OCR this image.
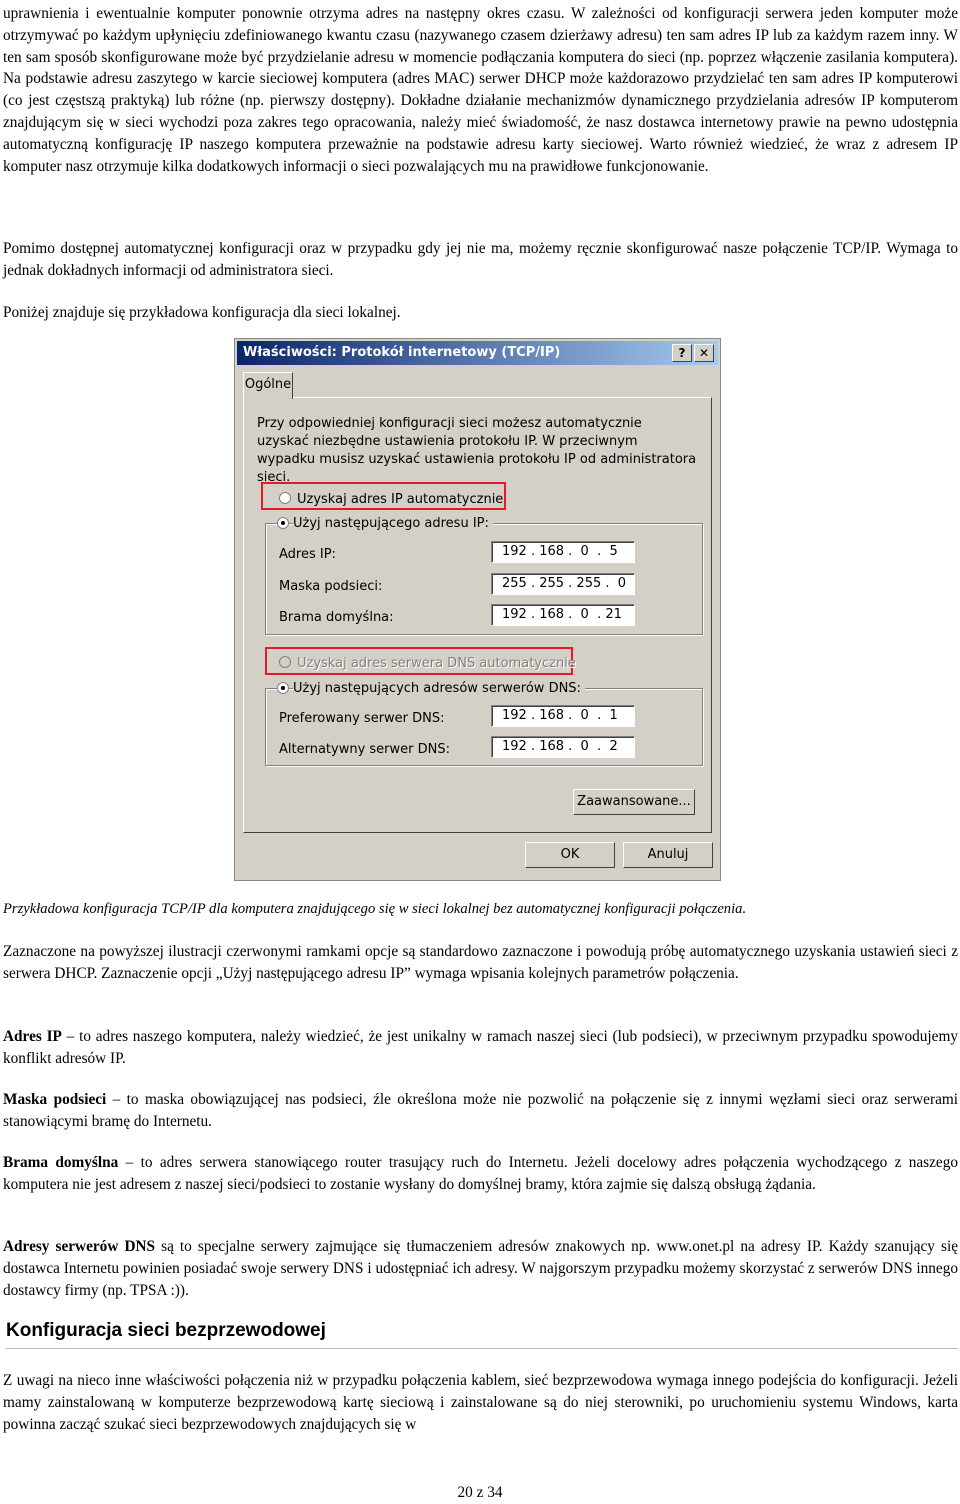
uprawnienia i ewentualnie komputer ponownie otrzyma adres na następny okres czasu. W zależności od konfiguracji serwera jeden komputer może otrzymywać po każdym upłynięciu zdefiniowanego kwantu czasu (nazywanego czasem dzierżawy adresu) ten sam adres IP lub za każdym razem inny. W ten sam sposób skonfigurowane może być przydzielanie adresu w momencie podłączania komputera do sieci (np. poprzez włączenie zasilania komputera). Na podstawie adresu zaszytego w karcie sieciowej komputera (adres MAC) serwer DHCP może każdorazowo przydzielać ten sam adres IP komputerowi (co jest częstszą praktyką) lub różne (np. pierwszy dostępny). Dokładne działanie mechanizmów dynamicznego przydzielania adresów IP komputerom znajdującym się w sieci wychodzi poza zakres tego opracowania, należy mieć świadomość, że nasz dostawca internetowy prawie na pewno udostępnia automatyczną konfigurację IP naszego komputera przeważnie na podstawie adresu karty sieciowej. Warto również wiedzieć, że wraz z adresem IP komputer nasz otrzymuje kilka dodatkowych informacji o sieci pozwalających mu na prawidłowe funkcjonowanie.

Pomimo dostępnej automatycznej konfiguracji oraz w przypadku gdy jej nie ma, możemy ręcznie skonfigurować nasze połączenie TCP/IP. Wymaga to jednak dokładnych informacji od administratora sieci.

Poniżej znajduje się przykładowa konfiguracja dla sieci lokalnej.

Przykładowa konfiguracja TCP/IP dla komputera znajdującego się w sieci lokalnej bez automatycznej konfiguracji połączenia.

Zaznaczone na powyższej ilustracji czerwonymi ramkami opcje są standardowo zaznaczone i powodują próbę automatycznego uzyskania ustawień sieci z serwera DHCP. Zaznaczenie opcji „Użyj następującego adresu IP” wymaga wpisania kolejnych parametrów połączenia.

Adres IP – to adres naszego komputera, należy wiedzieć, że jest unikalny w ramach naszej sieci (lub podsieci), w przeciwnym przypadku spowodujemy konflikt adresów IP.

Maska podsieci – to maska obowiązującej nas podsieci, źle określona może nie pozwolić na połączenie się z innymi węzłami sieci oraz serwerami stanowiącymi bramę do Internetu.

Brama domyślna – to adres serwera stanowiącego router trasujący ruch do Internetu. Jeżeli docelowy adres połączenia wychodzącego z naszego komputera nie jest adresem z naszej sieci/podsieci to zostanie wysłany do domyślnej bramy, która zajmie się dalszą obsługą żądania.

Adresy serwerów DNS są to specjalne serwery zajmujące się tłumaczeniem adresów znakowych np. www.onet.pl na adresy IP. Każdy szanujący się dostawca Internetu powinien posiadać swoje serwery DNS i udostępniać ich adresy. W najgorszym przypadku możemy skorzystać z serwerów DNS innego dostawcy firmy (np. TPSA :)).

Konfiguracja sieci bezprzewodowej

Z uwagi na nieco inne właściwości połączenia niż w przypadku połączenia kablem, sieć bezprzewodowa wymaga innego podejścia do konfiguracji. Jeżeli mamy zainstalowaną w komputerze bezprzewodową kartę sieciową i zainstalowane są do niej sterowniki, po uruchomieniu systemu Windows, karta powinna zacząć szukać sieci bezprzewodowych znajdujących się w

20 z 34
Właściwości: Protokół internetowy (TCP/IP)	?	✕
Ogólne
Przy odpowiedniej konfiguracji sieci możesz automatycznie uzyskać niezbędne ustawienia protokołu IP. W przeciwnym wypadku musisz uzyskać ustawienia protokołu IP od administratora sieci.
Uzyskaj adres IP automatycznie
Użyj następującego adresu IP:
Adres IP:	192 . 168 .  0  .  5
Maska podsieci:	255 . 255 . 255 .  0
Brama domyślna:	192 . 168 .  0  . 21
Uzyskaj adres serwera DNS automatycznie
Użyj następujących adresów serwerów DNS:
Preferowany serwer DNS:	192 . 168 .  0  .  1
Alternatywny serwer DNS:	192 . 168 .  0  .  2
Zaawansowane...
OK	Anuluj
